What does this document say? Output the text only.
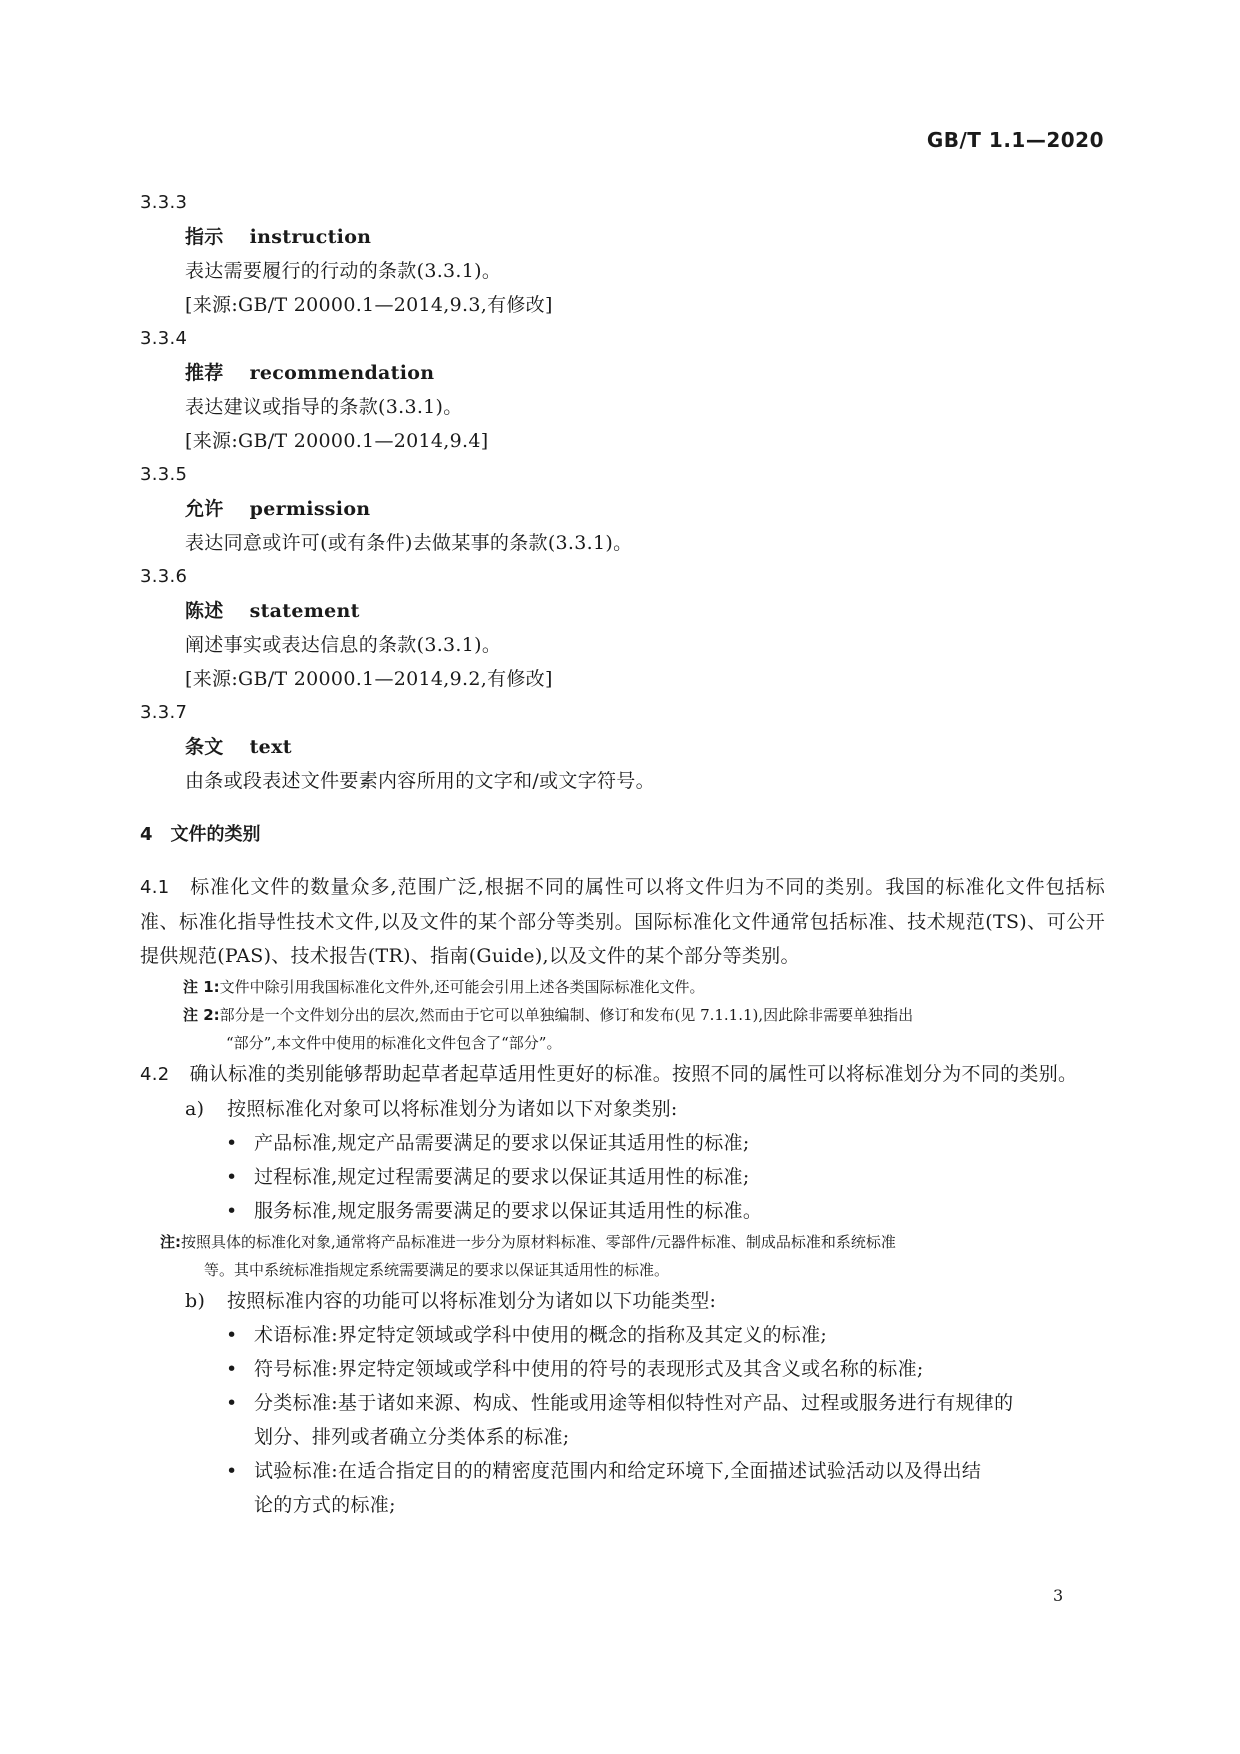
GB/T 1.1—2020
3.3.3
指示 instruction
表达需要履行的行动的条款(3.3.1)。
[来源:GB/T 20000.1—2014,9.3,有修改]
3.3.4
推荐 recommendation
表达建议或指导的条款(3.3.1)。
[来源:GB/T 20000.1—2014,9.4]
3.3.5
允许 permission
表达同意或许可(或有条件)去做某事的条款(3.3.1)。
3.3.6
陈述 statement
阐述事实或表达信息的条款(3.3.1)。
[来源:GB/T 20000.1—2014,9.2,有修改]
3.3.7
条文 text
由条或段表述文件要素内容所用的文字和/或文字符号。
4 文件的类别
4.1 标准化文件的数量众多,范围广泛,根据不同的属性可以将文件归为不同的类别。我国的标准化文件包括标准、标准化指导性技术文件,以及文件的某个部分等类别。国际标准化文件通常包括标准、技术规范(TS)、可公开提供规范(PAS)、技术报告(TR)、指南(Guide),以及文件的某个部分等类别。
注 1:文件中除引用我国标准化文件外,还可能会引用上述各类国际标准化文件。
注 2:部分是一个文件划分出的层次,然而由于它可以单独编制、修订和发布(见 7.1.1.1),因此除非需要单独指出
“部分”,本文件中使用的标准化文件包含了“部分”。
4.2 确认标准的类别能够帮助起草者起草适用性更好的标准。按照不同的属性可以将标准划分为不同的类别。
a) 按照标准化对象可以将标准划分为诸如以下对象类别:
• 产品标准,规定产品需要满足的要求以保证其适用性的标准;
• 过程标准,规定过程需要满足的要求以保证其适用性的标准;
• 服务标准,规定服务需要满足的要求以保证其适用性的标准。
注:按照具体的标准化对象,通常将产品标准进一步分为原材料标准、零部件/元器件标准、制成品标准和系统标准
等。其中系统标准指规定系统需要满足的要求以保证其适用性的标准。
b) 按照标准内容的功能可以将标准划分为诸如以下功能类型:
• 术语标准:界定特定领域或学科中使用的概念的指称及其定义的标准;
• 符号标准:界定特定领域或学科中使用的符号的表现形式及其含义或名称的标准;
• 分类标准:基于诸如来源、构成、性能或用途等相似特性对产品、过程或服务进行有规律的
划分、排列或者确立分类体系的标准;
• 试验标准:在适合指定目的的精密度范围内和给定环境下,全面描述试验活动以及得出结
论的方式的标准;
3
